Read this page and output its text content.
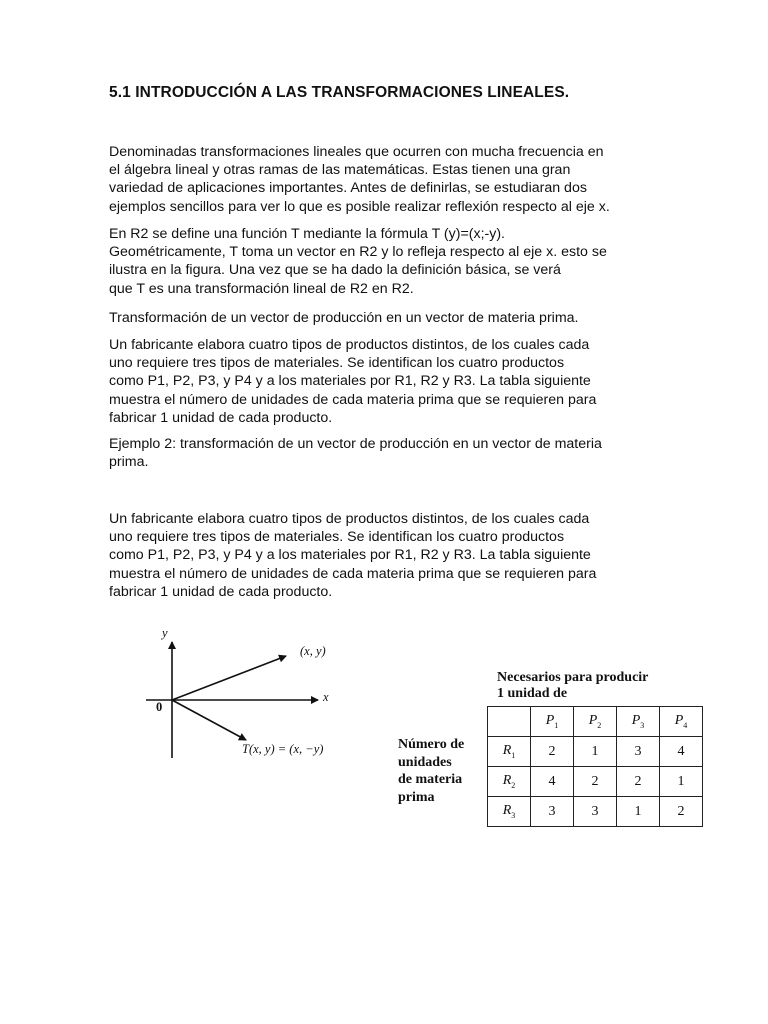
5.1 INTRODUCCIÓN A LAS TRANSFORMACIONES LINEALES.

Denominadas transformaciones lineales que ocurren con mucha frecuencia en
el álgebra lineal y otras ramas de las matemáticas. Estas tienen una gran
variedad de aplicaciones importantes. Antes de definirlas, se estudiaran dos
ejemplos sencillos para ver lo que es posible realizar reflexión respecto al eje x.

En R2 se define una función T mediante la fórmula T (y)=(x;-y).
Geométricamente, T toma un vector en R2 y lo refleja respecto al eje x. esto se
ilustra en la figura. Una vez que se ha dado la definición básica, se verá
que T es una transformación lineal de R2 en R2.

Transformación de un vector de producción en un vector de materia prima.

Un fabricante elabora cuatro tipos de productos distintos, de los cuales cada
uno requiere tres tipos de materiales. Se identifican los cuatro productos
como P1, P2, P3, y P4 y a los materiales por R1, R2 y R3. La tabla siguiente
muestra el número de unidades de cada materia prima que se requieren para
fabricar 1 unidad de cada producto.

Ejemplo 2: transformación de un vector de producción en un vector de materia
prima.

Un fabricante elabora cuatro tipos de productos distintos, de los cuales cada
uno requiere tres tipos de materiales. Se identifican los cuatro productos
como P1, P2, P3, y P4 y a los materiales por R1, R2 y R3. La tabla siguiente
muestra el número de unidades de cada materia prima que se requieren para
fabricar 1 unidad de cada producto.

y
x
0
(x, y)
T(x, y) = (x, −y)

Necesarios para producir
1 unidad de

Número de
unidades
de materia
prima

	$P_1$	$P_2$	$P_3$	$P_4$
$R_1$	2	1	3	4
$R_2$	4	2	2	1
$R_3$	3	3	1	2
